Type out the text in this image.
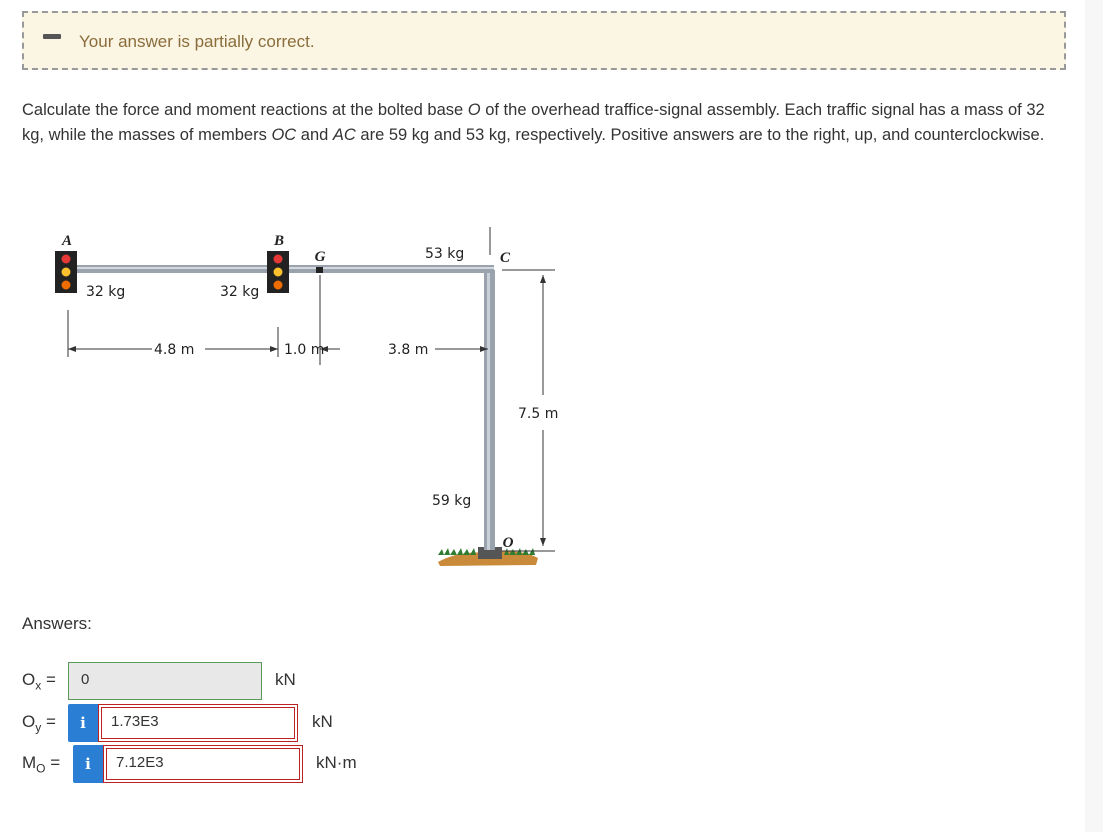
Your answer is partially correct.
Calculate the force and moment reactions at the bolted base O of the overhead traffice-signal assembly. Each traffic signal has a mass of 32 kg, while the masses of members OC and AC are 59 kg and 53 kg, respectively. Positive answers are to the right, up, and counterclockwise.
A	B
G	C
O
32 kg	32 kg
53 kg
59 kg
4.8 m	1.0 m	3.8 m
7.5 m
Answers:
$O_x$ =	0	kN
$O_y$ =	i	1.73E3	kN
$M_O$ =	i	7.12E3	kN·m
